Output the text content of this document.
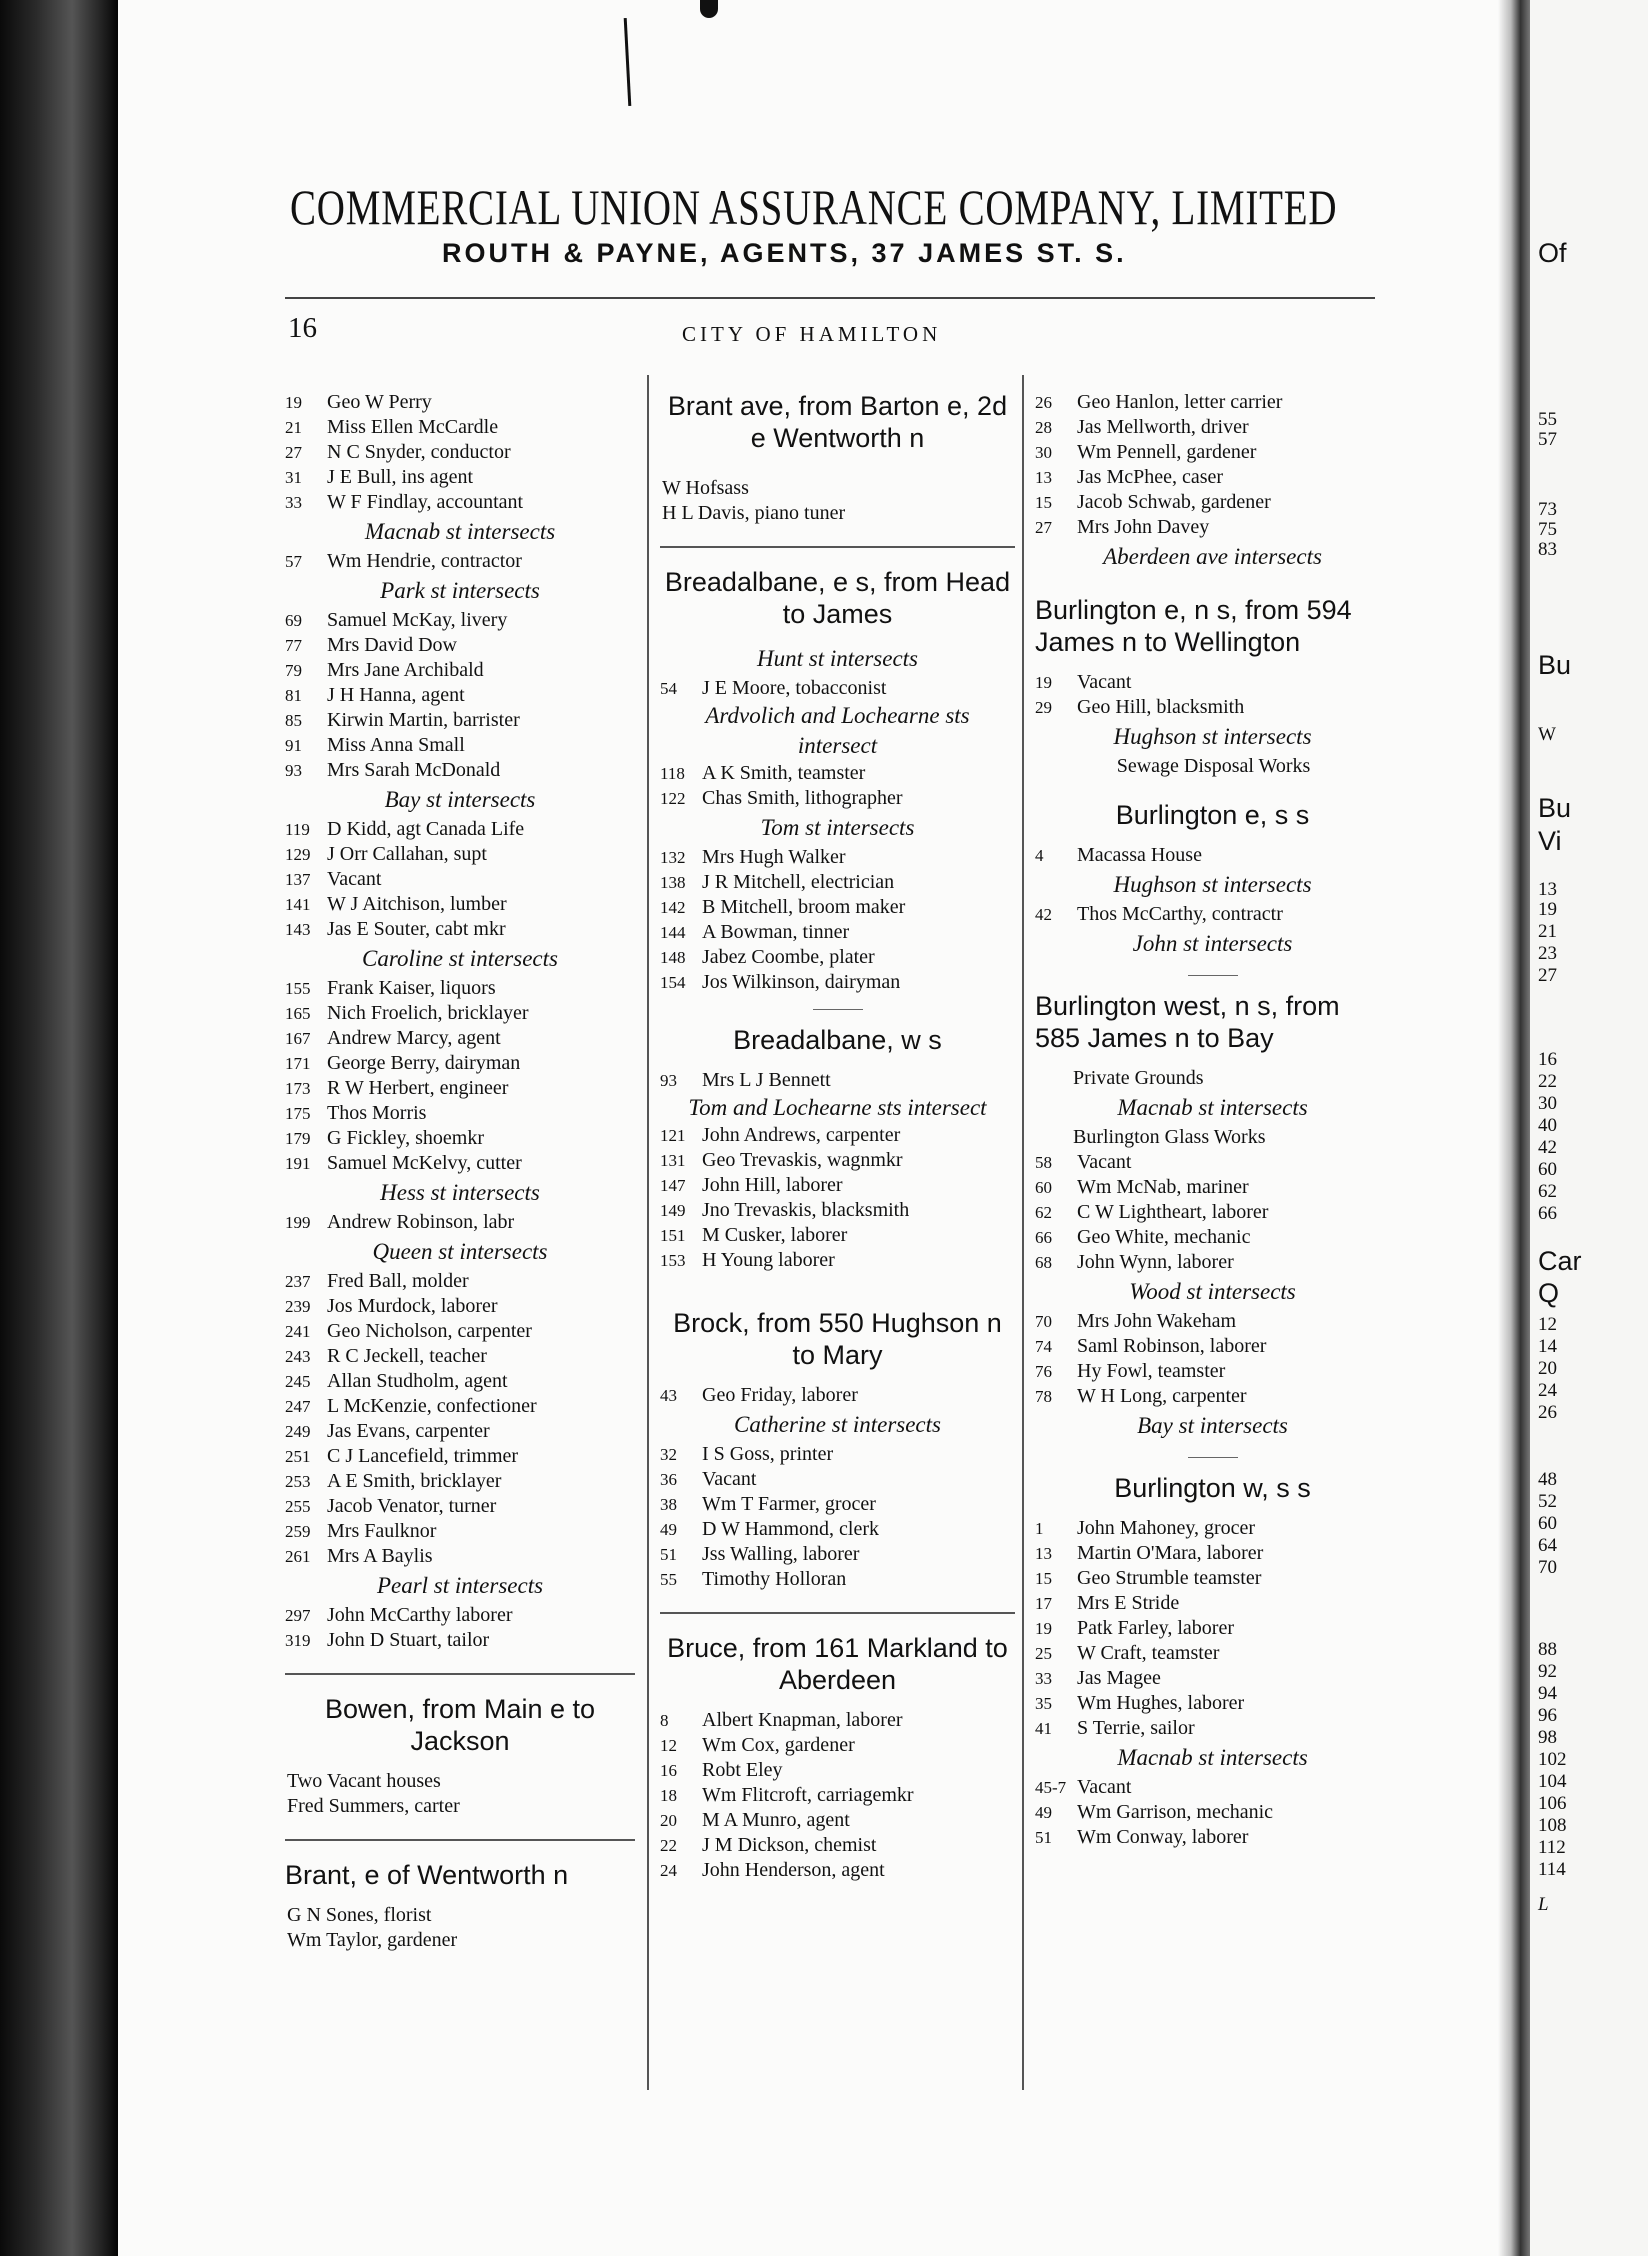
COMMERCIAL UNION ASSURANCE COMPANY, LIMITED
ROUTH & PAYNE, AGENTS, 37 JAMES ST. S.
16	CITY OF HAMILTON
19 Geo W Perry
21 Miss Ellen McCardle
27 N C Snyder, conductor
31 J E Bull, ins agent
33 W F Findlay, accountant
Macnab st intersects
57 Wm Hendrie, contractor
Park st intersects
69 Samuel McKay, livery
77 Mrs David Dow
79 Mrs Jane Archibald
81 J H Hanna, agent
85 Kirwin Martin, barrister
91 Miss Anna Small
93 Mrs Sarah McDonald
Bay st intersects
119 D Kidd, agt Canada Life
129 J Orr Callahan, supt
137 Vacant
141 W J Aitchison, lumber
143 Jas E Souter, cabt mkr
Caroline st intersects
155 Frank Kaiser, liquors
165 Nich Froelich, bricklayer
167 Andrew Marcy, agent
171 George Berry, dairyman
173 R W Herbert, engineer
175 Thos Morris
179 G Fickley, shoemkr
191 Samuel McKelvy, cutter
Hess st intersects
199 Andrew Robinson, labr
Queen st intersects
237 Fred Ball, molder
239 Jos Murdock, laborer
241 Geo Nicholson, carpenter
243 R C Jeckell, teacher
245 Allan Studholm, agent
247 L McKenzie, confectioner
249 Jas Evans, carpenter
251 C J Lancefield, trimmer
253 A E Smith, bricklayer
255 Jacob Venator, turner
259 Mrs Faulknor
261 Mrs A Baylis
Pearl st intersects
297 John McCarthy laborer
319 John D Stuart, tailor
Bowen, from Main e to Jackson
Two Vacant houses
Fred Summers, carter
Brant, e of Wentworth n
G N Sones, florist
Wm Taylor, gardener
Brant ave, from Barton e, 2d e Wentworth n
W Hofsass
H L Davis, piano tuner
Breadalbane, e s, from Head to James
Hunt st intersects
54 J E Moore, tobacconist
Ardvolich and Lochearne sts intersect
118 A K Smith, teamster
122 Chas Smith, lithographer
Tom st intersects
132 Mrs Hugh Walker
138 J R Mitchell, electrician
142 B Mitchell, broom maker
144 A Bowman, tinner
148 Jabez Coombe, plater
154 Jos Wilkinson, dairyman
Breadalbane, w s
93 Mrs L J Bennett
Tom and Lochearne sts intersect
121 John Andrews, carpenter
131 Geo Trevaskis, wagnmkr
147 John Hill, laborer
149 Jno Trevaskis, blacksmith
151 M Cusker, laborer
153 H Young laborer
Brock, from 550 Hughson n to Mary
43 Geo Friday, laborer
Catherine st intersects
32 I S Goss, printer
36 Vacant
38 Wm T Farmer, grocer
49 D W Hammond, clerk
51 Jss Walling, laborer
55 Timothy Holloran
Bruce, from 161 Markland to Aberdeen
8 Albert Knapman, laborer
12 Wm Cox, gardener
16 Robt Eley
18 Wm Flitcroft, carriagemkr
20 M A Munro, agent
22 J M Dickson, chemist
24 John Henderson, agent
26 Geo Hanlon, letter carrier
28 Jas Mellworth, driver
30 Wm Pennell, gardener
13 Jas McPhee, caser
15 Jacob Schwab, gardener
27 Mrs John Davey
Aberdeen ave intersects
Burlington e, n s, from 594 James n to Wellington
19 Vacant
29 Geo Hill, blacksmith
Hughson st intersects
Sewage Disposal Works
Burlington e, s s
4 Macassa House
Hughson st intersects
42 Thos McCarthy, contractr
John st intersects
Burlington west, n s, from 585 James n to Bay
Private Grounds
Macnab st intersects
Burlington Glass Works
58 Vacant
60 Wm McNab, mariner
62 C W Lightheart, laborer
66 Geo White, mechanic
68 John Wynn, laborer
Wood st intersects
70 Mrs John Wakeham
74 Saml Robinson, laborer
76 Hy Fowl, teamster
78 W H Long, carpenter
Bay st intersects
Burlington w, s s
1 John Mahoney, grocer
13 Martin O'Mara, laborer
15 Geo Strumble teamster
17 Mrs E Stride
19 Patk Farley, laborer
25 W Craft, teamster
33 Jas Magee
35 Wm Hughes, laborer
41 S Terrie, sailor
Macnab st intersects
45-7 Vacant
49 Wm Garrison, mechanic
51 Wm Conway, laborer
Of
55
57
73
75
83
Bu
W
Bu
Vi
13
19
21
23
27
16
22
30
40
42
60
62
66
Car
Q
12
14
20
24
26
48
52
60
64
70
88
92
94
96
98
102
104
106
108
112
114
L
